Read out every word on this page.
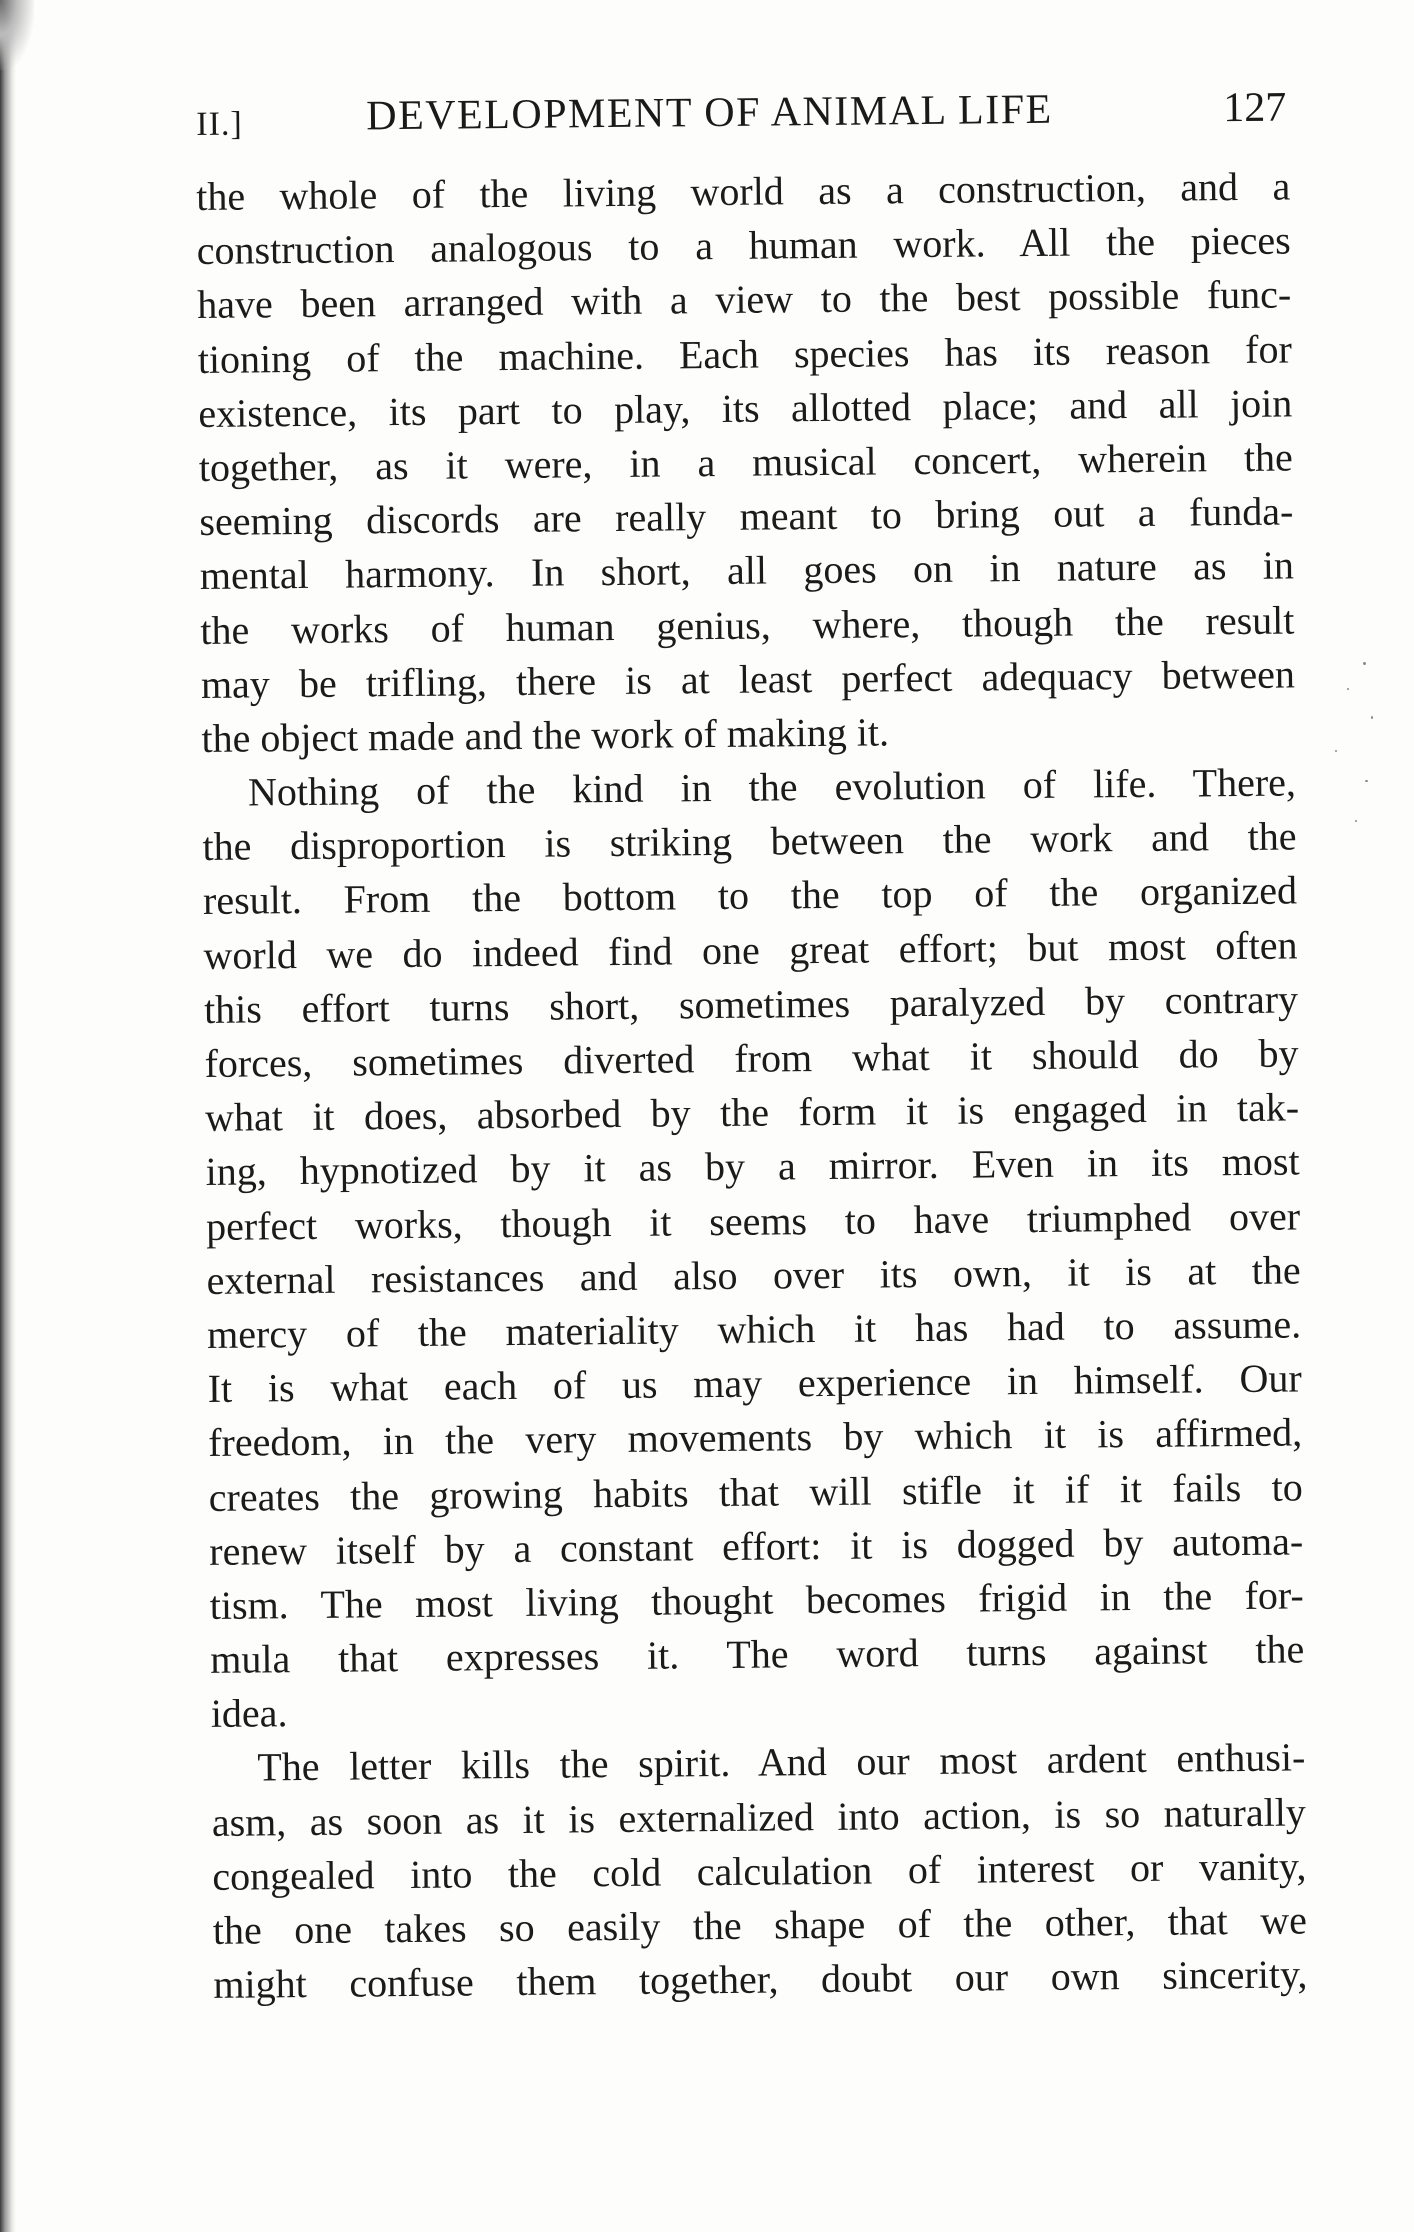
II.]	DEVELOPMENT OF ANIMAL LIFE	127

the whole of the living world as a construction, and a
construction analogous to a human work. All the pieces
have been arranged with a view to the best possible func-
tioning of the machine. Each species has its reason for
existence, its part to play, its allotted place; and all join
together, as it were, in a musical concert, wherein the
seeming discords are really meant to bring out a funda-
mental harmony. In short, all goes on in nature as in
the works of human genius, where, though the result
may be trifling, there is at least perfect adequacy between
the object made and the work of making it.

Nothing of the kind in the evolution of life. There,
the disproportion is striking between the work and the
result. From the bottom to the top of the organized
world we do indeed find one great effort; but most often
this effort turns short, sometimes paralyzed by contrary
forces, sometimes diverted from what it should do by
what it does, absorbed by the form it is engaged in tak-
ing, hypnotized by it as by a mirror. Even in its most
perfect works, though it seems to have triumphed over
external resistances and also over its own, it is at the
mercy of the materiality which it has had to assume.
It is what each of us may experience in himself. Our
freedom, in the very movements by which it is affirmed,
creates the growing habits that will stifle it if it fails to
renew itself by a constant effort: it is dogged by automa-
tism. The most living thought becomes frigid in the for-
mula that expresses it. The word turns against the
idea.

The letter kills the spirit. And our most ardent enthusi-
asm, as soon as it is externalized into action, is so naturally
congealed into the cold calculation of interest or vanity,
the one takes so easily the shape of the other, that we
might confuse them together, doubt our own sincerity,
